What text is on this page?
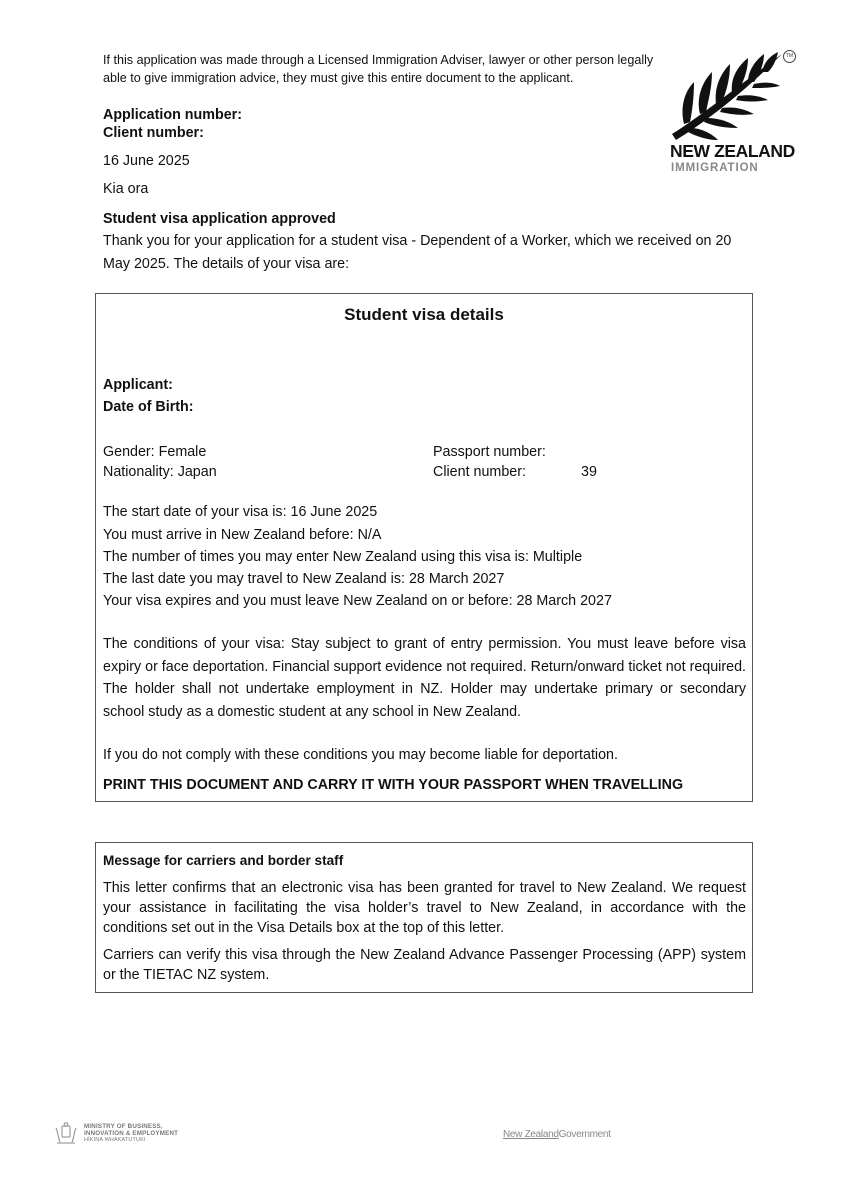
If this application was made through a Licensed Immigration Adviser, lawyer or other person legally able to give immigration advice, they must give this entire document to the applicant.
TM
NEW ZEALAND
IMMIGRATION
Application number:
Client number:
16 June 2025
Kia ora
Student visa application approved
Thank you for your application for a student visa - Dependent of a Worker, which we received on 20 May 2025. The details of your visa are:
Student visa details
Applicant:
Date of Birth:
Gender: Female
Nationality: Japan
Passport number:
Client number:	39
The start date of your visa is: 16 June 2025
You must arrive in New Zealand before: N/A
The number of times you may enter New Zealand using this visa is: Multiple
The last date you may travel to New Zealand is: 28 March 2027
Your visa expires and you must leave New Zealand on or before: 28 March 2027
The conditions of your visa: Stay subject to grant of entry permission. You must leave before visa expiry or face deportation. Financial support evidence not required. Return/onward ticket not required. The holder shall not undertake employment in NZ. Holder may undertake primary or secondary school study as a domestic student at any school in New Zealand.
If you do not comply with these conditions you may become liable for deportation.
PRINT THIS DOCUMENT AND CARRY IT WITH YOUR PASSPORT WHEN TRAVELLING
Message for carriers and border staff
This letter confirms that an electronic visa has been granted for travel to New Zealand. We request your assistance in facilitating the visa holder’s travel to New Zealand, in accordance with the conditions set out in the Visa Details box at the top of this letter.
Carriers can verify this visa through the New Zealand Advance Passenger Processing (APP) system or the TIETAC NZ system.
MINISTRY OF BUSINESS,
INNOVATION & EMPLOYMENT
HĪKINA WHAKATUTUKI
New ZealandGovernment
